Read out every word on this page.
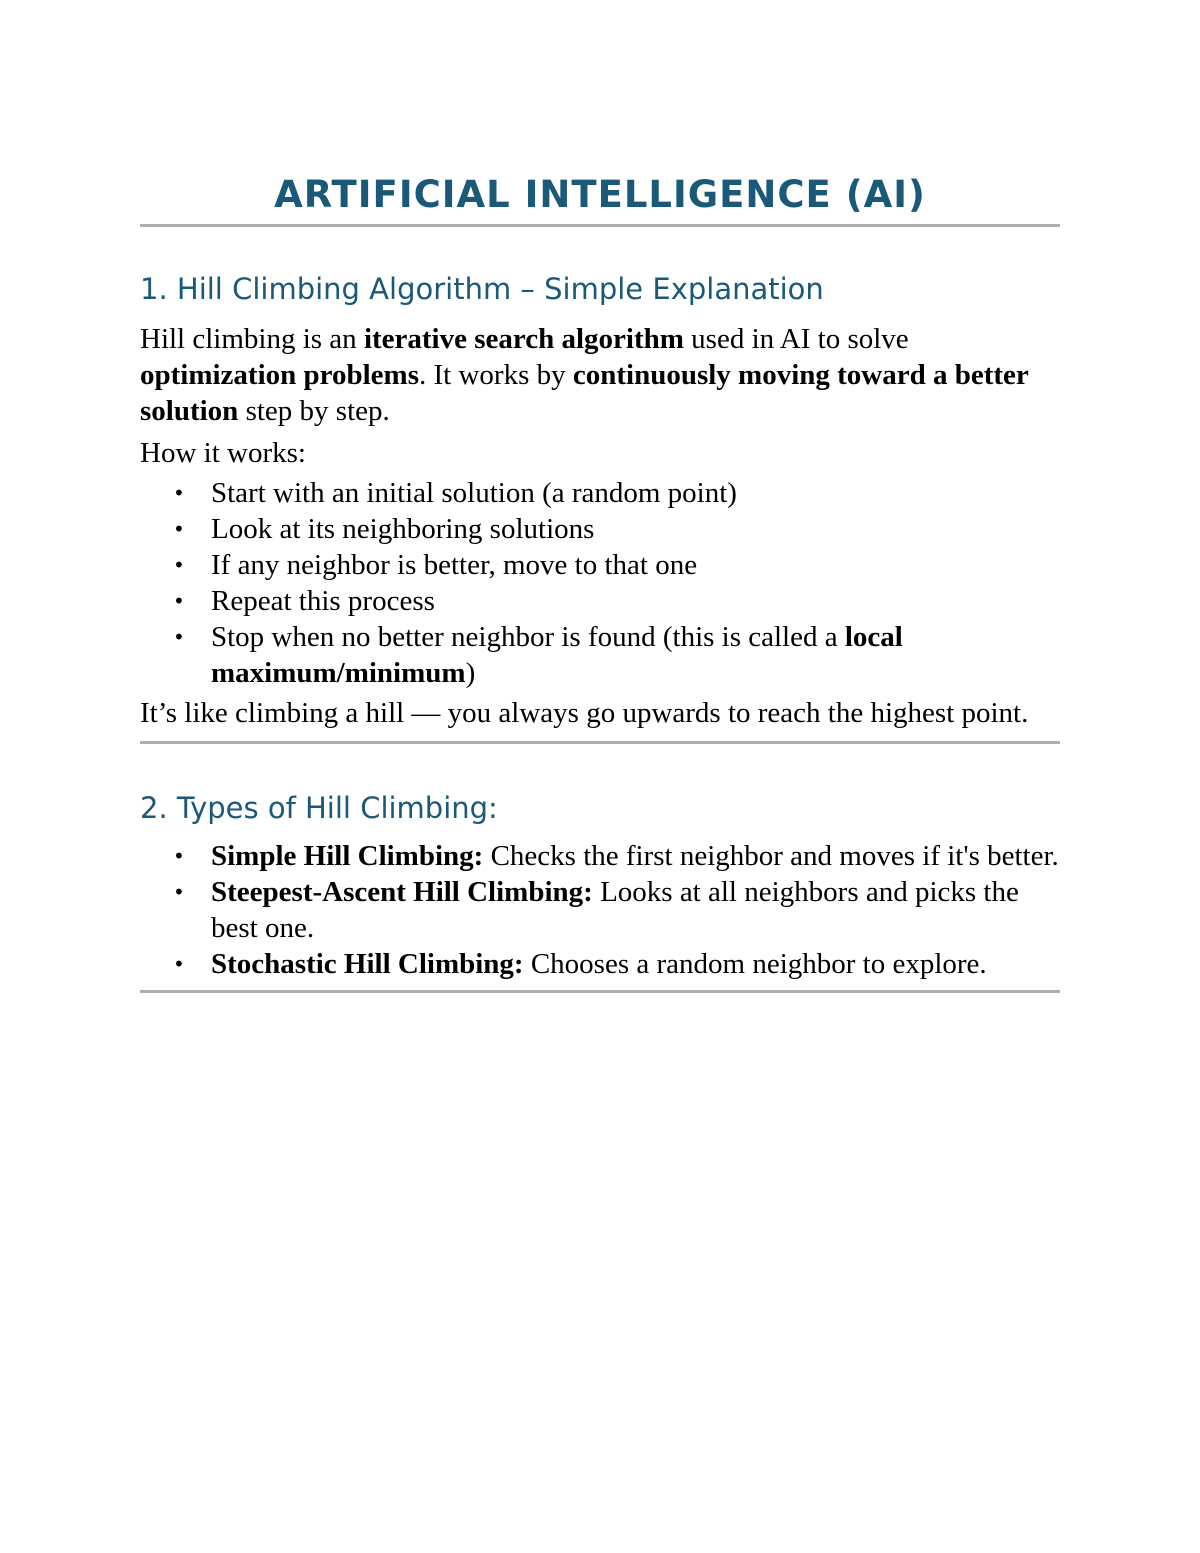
ARTIFICIAL INTELLIGENCE (AI)
1. Hill Climbing Algorithm – Simple Explanation

Hill climbing is an iterative search algorithm used in AI to solve optimization problems. It works by continuously moving toward a better solution step by step.

How it works:

• Start with an initial solution (a random point)
• Look at its neighboring solutions
• If any neighbor is better, move to that one
• Repeat this process
• Stop when no better neighbor is found (this is called a local maximum/minimum)

It’s like climbing a hill — you always go upwards to reach the highest point.

2. Types of Hill Climbing:
• Simple Hill Climbing: Checks the first neighbor and moves if it's better.
• Steepest-Ascent Hill Climbing: Looks at all neighbors and picks the best one.
• Stochastic Hill Climbing: Chooses a random neighbor to explore.
